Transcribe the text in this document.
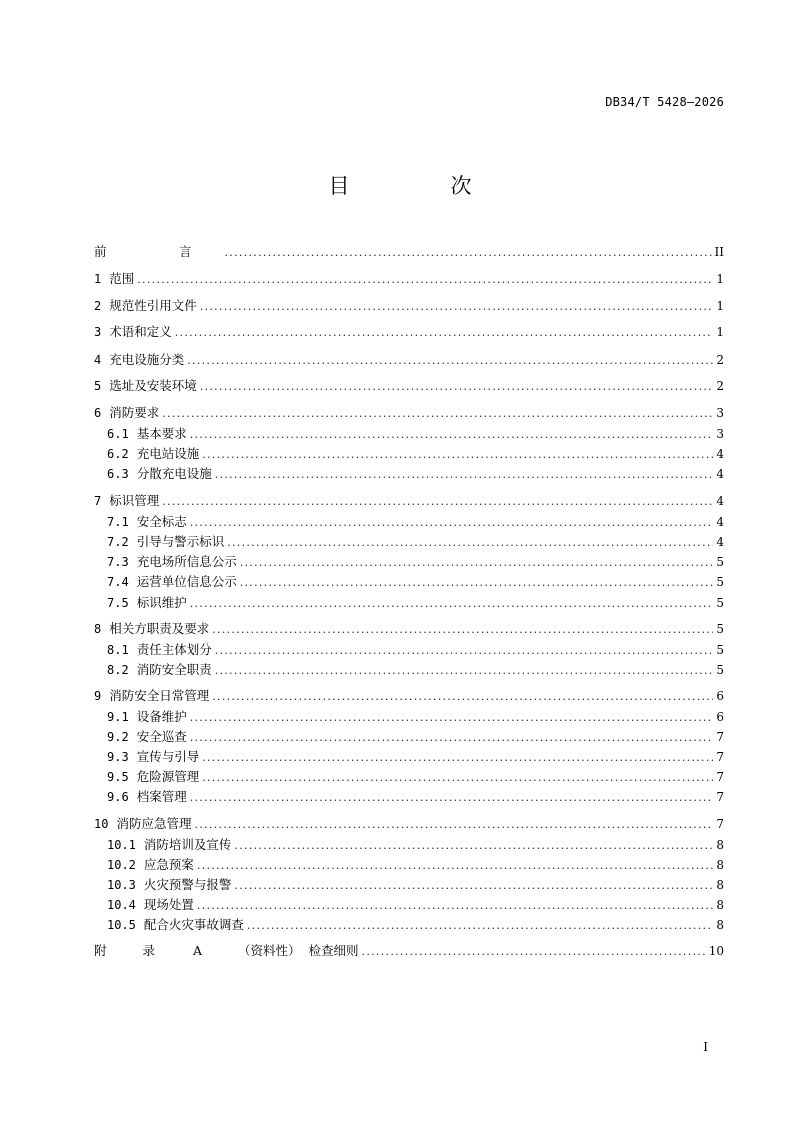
DB34/T 5428—2026
目　次
前　言 .....	II
1 范围 .....	1
2 规范性引用文件 .....	1
3 术语和定义 .....	1
4 充电设施分类 .....	2
5 选址及安装环境 .....	2
6 消防要求 .....	3
6.1 基本要求 .....	3
6.2 充电站设施 .....	4
6.3 分散充电设施 .....	4
7 标识管理 .....	4
7.1 安全标志 .....	4
7.2 引导与警示标识 .....	4
7.3 充电场所信息公示 .....	5
7.4 运营单位信息公示 .....	5
7.5 标识维护 .....	5
8 相关方职责及要求 .....	5
8.1 责任主体划分 .....	5
8.2 消防安全职责 .....	5
9 消防安全日常管理 .....	6
9.1 设备维护 .....	6
9.2 安全巡查 .....	7
9.3 宣传与引导 .....	7
9.5 危险源管理 .....	7
9.6 档案管理 .....	7
10 消防应急管理 .....	7
10.1 消防培训及宣传 .....	8
10.2 应急预案 .....	8
10.3 火灾预警与报警 .....	8
10.4 现场处置 .....	8
10.5 配合火灾事故调查 .....	8
附 录 A	（资料性） 检查细则 .....	10
I
